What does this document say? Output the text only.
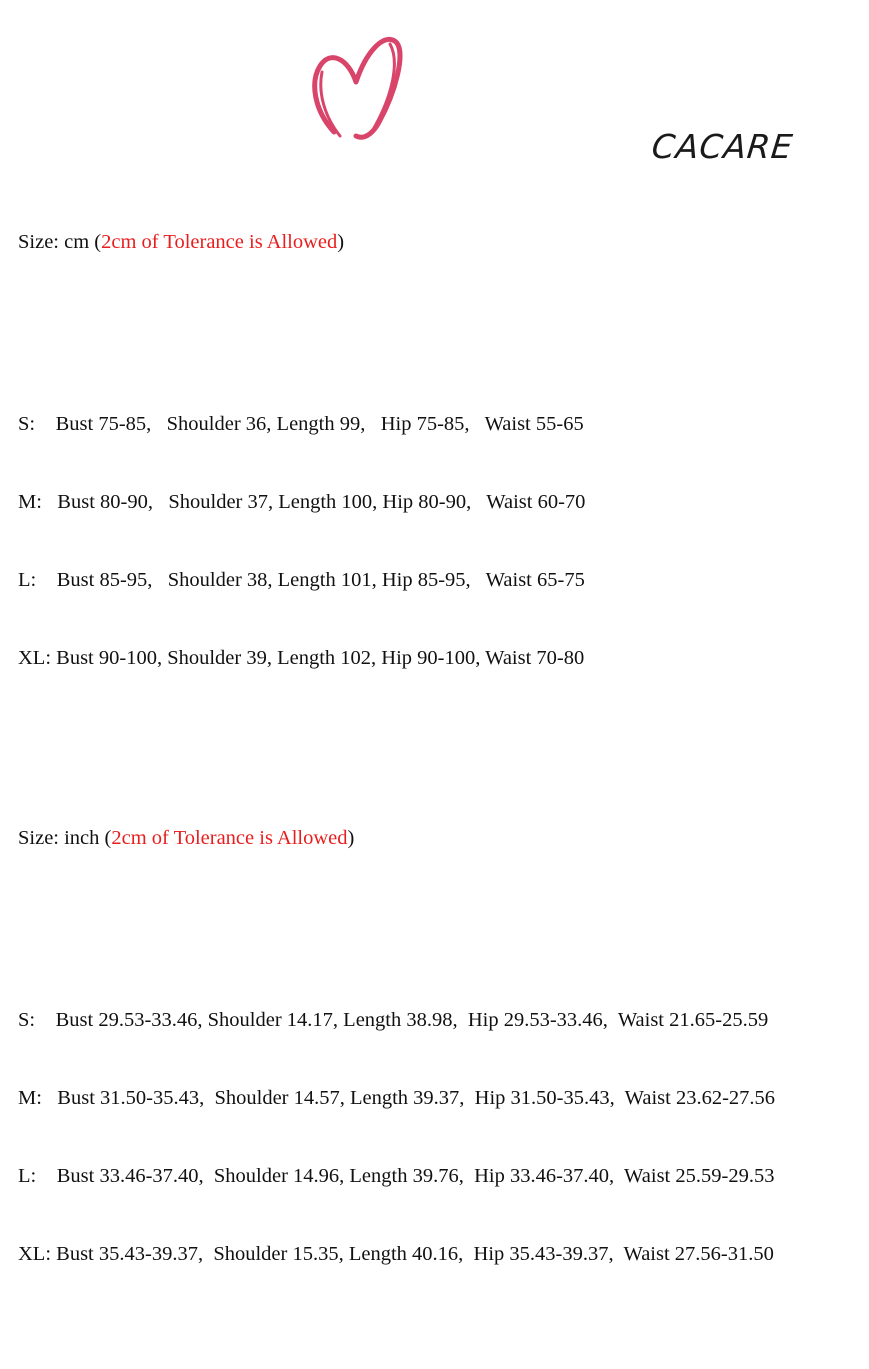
CACARE

Size: cm (2cm of Tolerance is Allowed)

S:    Bust 75-85,   Shoulder 36, Length 99,   Hip 75-85,   Waist 55-65

M:   Bust 80-90,   Shoulder 37, Length 100, Hip 80-90,   Waist 60-70

L:    Bust 85-95,   Shoulder 38, Length 101, Hip 85-95,   Waist 65-75

XL: Bust 90-100, Shoulder 39, Length 102, Hip 90-100, Waist 70-80

Size: inch (2cm of Tolerance is Allowed)

S:    Bust 29.53-33.46, Shoulder 14.17, Length 38.98,  Hip 29.53-33.46,  Waist 21.65-25.59

M:   Bust 31.50-35.43,  Shoulder 14.57, Length 39.37,  Hip 31.50-35.43,  Waist 23.62-27.56

L:    Bust 33.46-37.40,  Shoulder 14.96, Length 39.76,  Hip 33.46-37.40,  Waist 25.59-29.53

XL: Bust 35.43-39.37,  Shoulder 15.35, Length 40.16,  Hip 35.43-39.37,  Waist 27.56-31.50
